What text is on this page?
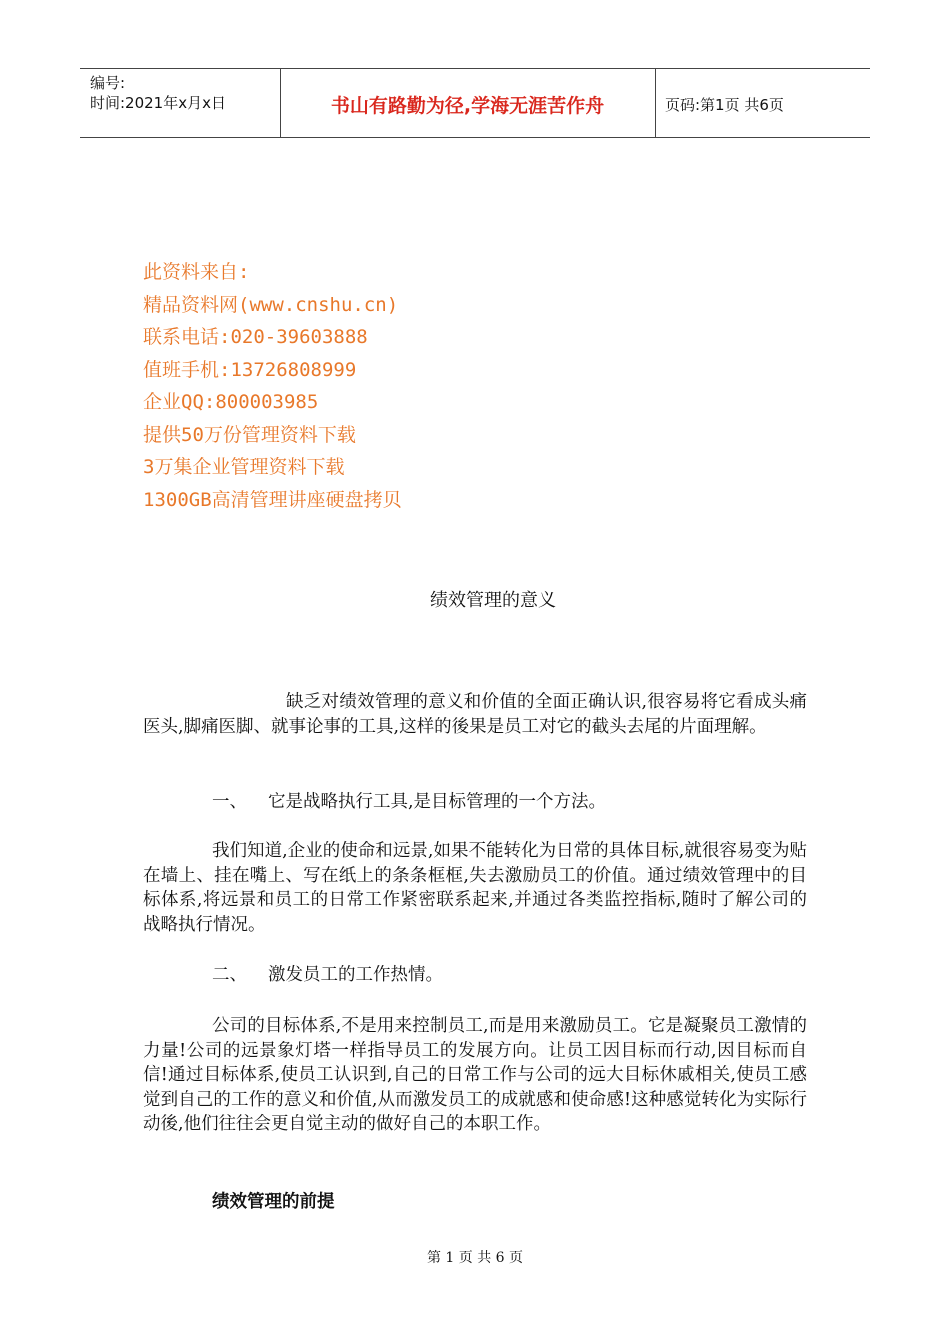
编号:
时间:2021年x月x日	书山有路勤为径,学海无涯苦作舟	页码:第1页 共6页
此资料来自:
精品资料网(www.cnshu.cn)
联系电话:020-39603888
值班手机:13726808999
企业QQ:800003985
提供50万份管理资料下载
3万集企业管理资料下载
1300GB高清管理讲座硬盘拷贝
绩效管理的意义
缺乏对绩效管理的意义和价值的全面正确认识,很容易将它看成头痛医头,脚痛医脚、就事论事的工具,这样的後果是员工对它的截头去尾的片面理解。
一、 它是战略执行工具,是目标管理的一个方法。
我们知道,企业的使命和远景,如果不能转化为日常的具体目标,就很容易变为贴在墙上、挂在嘴上、写在纸上的条条框框,失去激励员工的价值。通过绩效管理中的目标体系,将远景和员工的日常工作紧密联系起来,并通过各类监控指标,随时了解公司的战略执行情况。
二、 激发员工的工作热情。
公司的目标体系,不是用来控制员工,而是用来激励员工。它是凝聚员工激情的力量!公司的远景象灯塔一样指导员工的发展方向。让员工因目标而行动,因目标而自信!通过目标体系,使员工认识到,自己的日常工作与公司的远大目标休戚相关,使员工感觉到自己的工作的意义和价值,从而激发员工的成就感和使命感!这种感觉转化为实际行动後,他们往往会更自觉主动的做好自己的本职工作。
绩效管理的前提
第 1 页 共 6 页
